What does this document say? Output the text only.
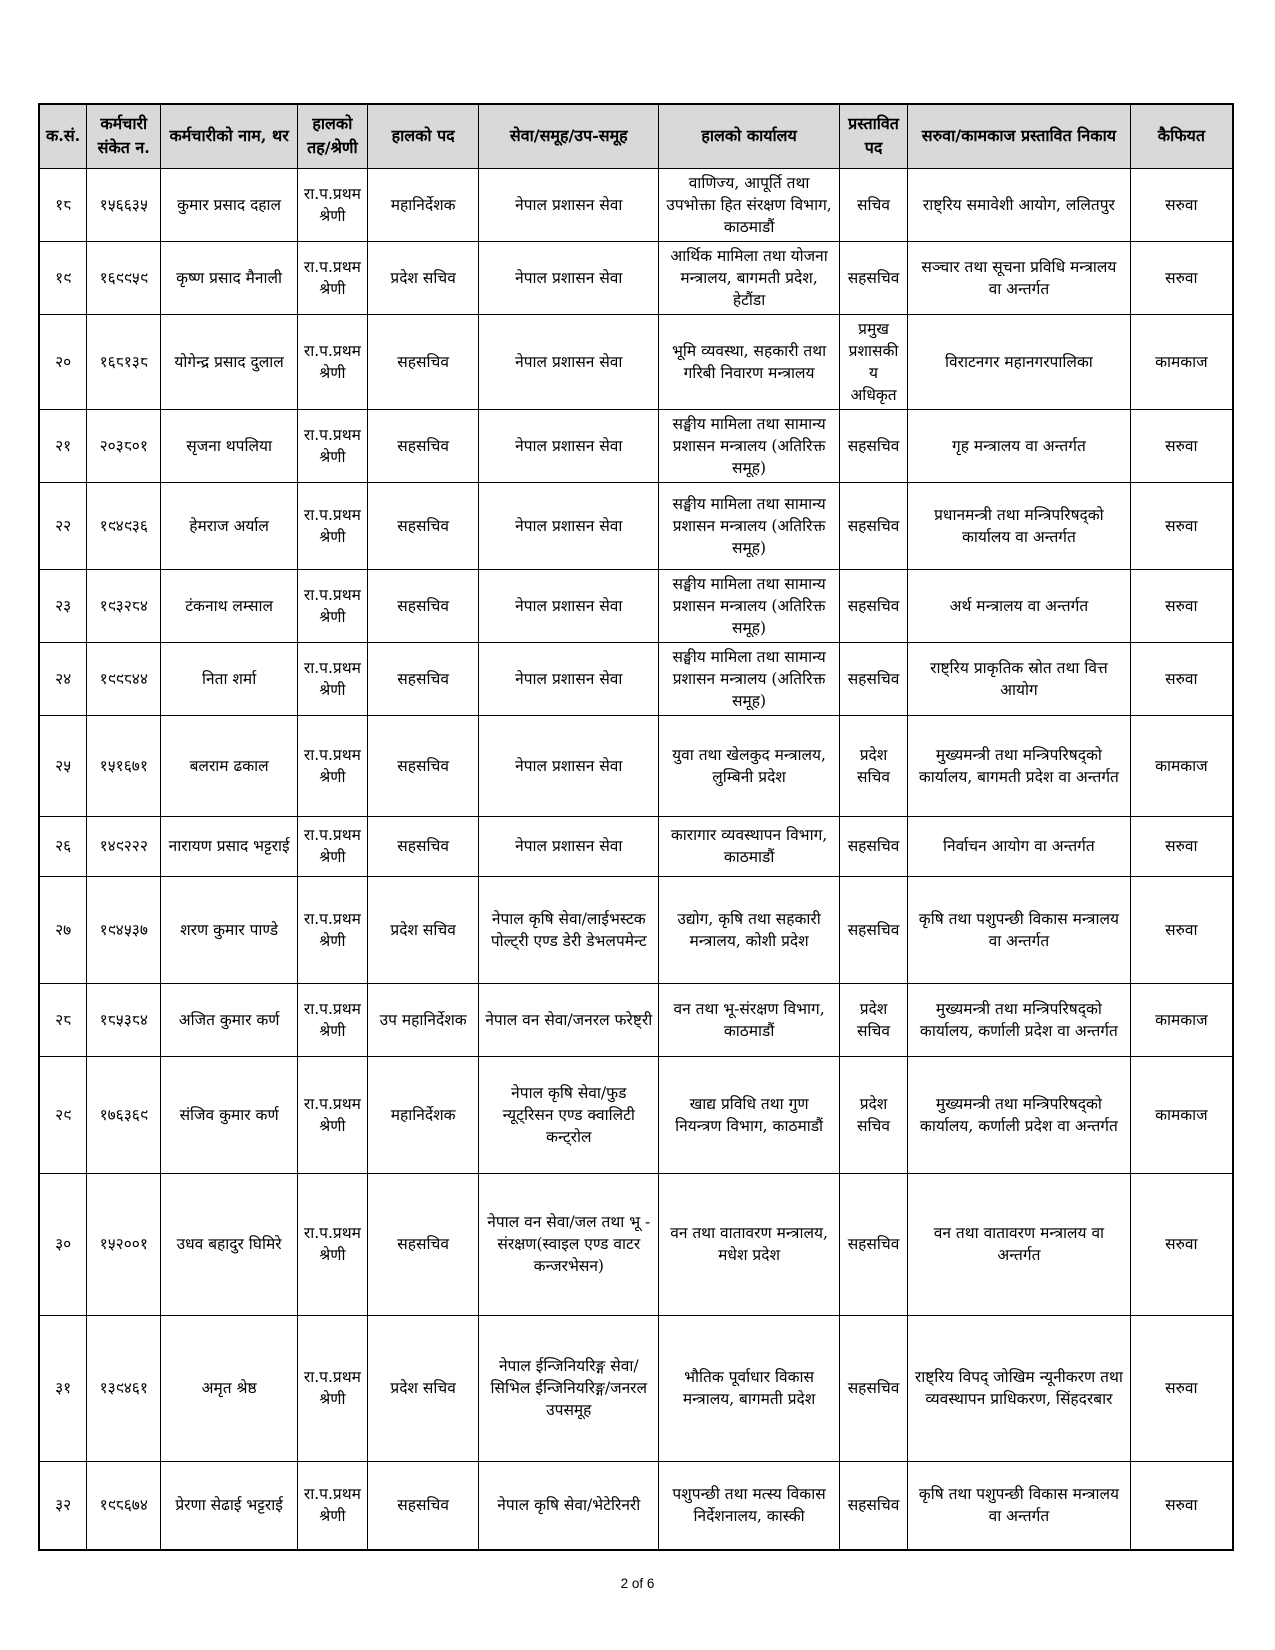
क.सं.	कर्मचारी संकेत न.	कर्मचारीको नाम, थर	हालको तह/श्रेणी	हालको पद	सेवा/समूह/उप-समूह	हालको कार्यालय	प्रस्तावित पद	सरुवा/कामकाज प्रस्तावित निकाय	कैफियत
१८	१५६६३५	कुमार प्रसाद दहाल	रा.प.प्रथम श्रेणी	महानिर्देशक	नेपाल प्रशासन सेवा	वाणिज्य, आपूर्ति तथा उपभोक्ता हित संरक्षण विभाग, काठमाडौं	सचिव	राष्ट्रिय समावेशी आयोग, ललितपुर	सरुवा
१९	१६९९५९	कृष्ण प्रसाद मैनाली	रा.प.प्रथम श्रेणी	प्रदेश सचिव	नेपाल प्रशासन सेवा	आर्थिक मामिला तथा योजना मन्त्रालय, बागमती प्रदेश, हेटौंडा	सहसचिव	सञ्चार तथा सूचना प्रविधि मन्त्रालय वा अन्तर्गत	सरुवा
२०	१६८१३८	योगेन्द्र प्रसाद दुलाल	रा.प.प्रथम श्रेणी	सहसचिव	नेपाल प्रशासन सेवा	भूमि व्यवस्था, सहकारी तथा गरिबी निवारण मन्त्रालय	प्रमुख प्रशासकीय अधिकृत	विराटनगर महानगरपालिका	कामकाज
२१	२०३८०१	सृजना थपलिया	रा.प.प्रथम श्रेणी	सहसचिव	नेपाल प्रशासन सेवा	सङ्घीय मामिला तथा सामान्य प्रशासन मन्त्रालय (अतिरिक्त समूह)	सहसचिव	गृह मन्त्रालय वा अन्तर्गत	सरुवा
२२	१९४९३६	हेमराज अर्याल	रा.प.प्रथम श्रेणी	सहसचिव	नेपाल प्रशासन सेवा	सङ्घीय मामिला तथा सामान्य प्रशासन मन्त्रालय (अतिरिक्त समूह)	सहसचिव	प्रधानमन्त्री तथा मन्त्रिपरिषद्को कार्यालय वा अन्तर्गत	सरुवा
२३	१९३२८४	टंकनाथ लम्साल	रा.प.प्रथम श्रेणी	सहसचिव	नेपाल प्रशासन सेवा	सङ्घीय मामिला तथा सामान्य प्रशासन मन्त्रालय (अतिरिक्त समूह)	सहसचिव	अर्थ मन्त्रालय वा अन्तर्गत	सरुवा
२४	१९९८४४	निता शर्मा	रा.प.प्रथम श्रेणी	सहसचिव	नेपाल प्रशासन सेवा	सङ्घीय मामिला तथा सामान्य प्रशासन मन्त्रालय (अतिरिक्त समूह)	सहसचिव	राष्ट्रिय प्राकृतिक स्रोत तथा वित्त आयोग	सरुवा
२५	१५१६७१	बलराम ढकाल	रा.प.प्रथम श्रेणी	सहसचिव	नेपाल प्रशासन सेवा	युवा तथा खेलकुद मन्त्रालय, लुम्बिनी प्रदेश	प्रदेश सचिव	मुख्यमन्त्री तथा मन्त्रिपरिषद्को कार्यालय, बागमती प्रदेश वा अन्तर्गत	कामकाज
२६	१४९२२२	नारायण प्रसाद भट्टराई	रा.प.प्रथम श्रेणी	सहसचिव	नेपाल प्रशासन सेवा	कारागार व्यवस्थापन विभाग, काठमाडौं	सहसचिव	निर्वाचन आयोग वा अन्तर्गत	सरुवा
२७	१९४५३७	शरण कुमार पाण्डे	रा.प.प्रथम श्रेणी	प्रदेश सचिव	नेपाल कृषि सेवा/लाईभस्टक पोल्ट्री एण्ड डेरी डेभलपमेन्ट	उद्योग, कृषि तथा सहकारी मन्त्रालय, कोशी प्रदेश	सहसचिव	कृषि तथा पशुपन्छी विकास मन्त्रालय वा अन्तर्गत	सरुवा
२८	१८५३८४	अजित कुमार कर्ण	रा.प.प्रथम श्रेणी	उप महानिर्देशक	नेपाल वन सेवा/जनरल फरेष्ट्री	वन तथा भू-संरक्षण विभाग, काठमाडौं	प्रदेश सचिव	मुख्यमन्त्री तथा मन्त्रिपरिषद्को कार्यालय, कर्णाली प्रदेश वा अन्तर्गत	कामकाज
२९	१७६३६९	संजिव कुमार कर्ण	रा.प.प्रथम श्रेणी	महानिर्देशक	नेपाल कृषि सेवा/फुड न्यूट्रिसन एण्ड क्वालिटी कन्ट्रोल	खाद्य प्रविधि तथा गुण नियन्त्रण विभाग, काठमाडौं	प्रदेश सचिव	मुख्यमन्त्री तथा मन्त्रिपरिषद्को कार्यालय, कर्णाली प्रदेश वा अन्तर्गत	कामकाज
३०	१५२००१	उधव बहादुर घिमिरे	रा.प.प्रथम श्रेणी	सहसचिव	नेपाल वन सेवा/जल तथा भू - संरक्षण(स्वाइल एण्ड वाटर कन्जरभेसन)	वन तथा वातावरण मन्त्रालय, मधेश प्रदेश	सहसचिव	वन तथा वातावरण मन्त्रालय वा अन्तर्गत	सरुवा
३१	१३९४६१	अमृत श्रेष्ठ	रा.प.प्रथम श्रेणी	प्रदेश सचिव	नेपाल ईन्जिनियरिङ्ग सेवा/सिभिल ईन्जिनियरिङ्ग/जनरल उपसमूह	भौतिक पूर्वाधार विकास मन्त्रालय, बागमती प्रदेश	सहसचिव	राष्ट्रिय विपद् जोखिम न्यूनीकरण तथा व्यवस्थापन प्राधिकरण, सिंहदरबार	सरुवा
३२	१९८६७४	प्रेरणा सेढाई भट्टराई	रा.प.प्रथम श्रेणी	सहसचिव	नेपाल कृषि सेवा/भेटेरिनरी	पशुपन्छी तथा मत्स्य विकास निर्देशनालय, कास्की	सहसचिव	कृषि तथा पशुपन्छी विकास मन्त्रालय वा अन्तर्गत	सरुवा
2 of 6
